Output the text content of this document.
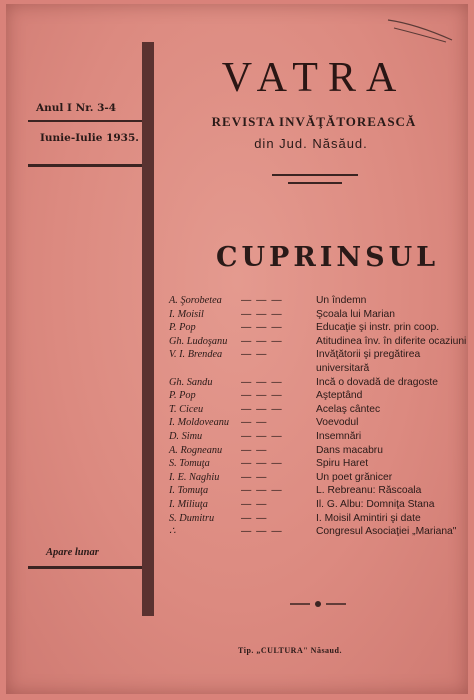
Anul I Nr. 3-4
Iunie-Iulie 1935.
VATRA
REVISTA INVĂŢĂTOREASCĂ
din Jud. Năsăud.
CUPRINSUL
A. Şorobetea — — —	Un îndemn
I. Moisil	— — —	Şcoala lui Marian
P. Pop	— — —	Educaţie şi instr. prin coop.
Gh. Ludoşanu — — —	Atitudinea înv. în diferite ocaziuni
V. I. Brendea — —	Invăţătorii şi pregătirea universitară
Gh. Sandu	— — —	Incă o dovadă de dragoste
P. Pop	— — —	Aşteptând
T. Ciceu	— — —	Acelaş cântec
I. Moldoveanu — —	Voevodul
D. Simu	— — —	Insemnări
A. Rogneanu — —	Dans macabru
S. Tomuţa	— — —	Spiru Haret
I. E. Naghiu — —	Un poet grănicer
I. Tomuţa	— — —	L. Rebreanu: Răscoala
I. Miliuţa	— —	Il. G. Albu: Domniţa Stana
S. Dumitru	— —	I. Moisil Amintiri şi date
∴	— — —	Congresul Asociaţiei „Mariana"
Apare lunar
Tip. „CULTURA" Năsaud.
